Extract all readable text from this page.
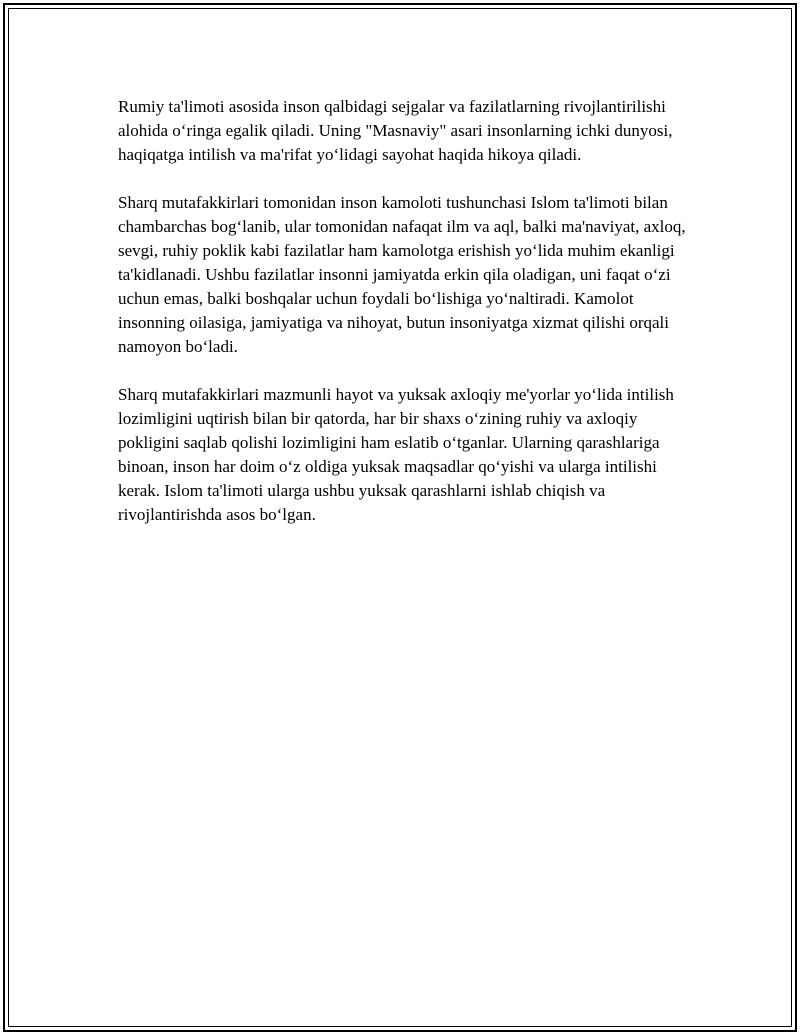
Rumiy ta'limoti asosida inson qalbidagi sejgalar va fazilatlarning rivojlantirilishi alohida o‘ringa egalik qiladi. Uning "Masnaviy" asari insonlarning ichki dunyosi, haqiqatga intilish va ma'rifat yo‘lidagi sayohat haqida hikoya qiladi.

Sharq mutafakkirlari tomonidan inson kamoloti tushunchasi Islom ta'limoti bilan chambarchas bog‘lanib, ular tomonidan nafaqat ilm va aql, balki ma'naviyat, axloq, sevgi, ruhiy poklik kabi fazilatlar ham kamolotga erishish yo‘lida muhim ekanligi ta'kidlanadi. Ushbu fazilatlar insonni jamiyatda erkin qila oladigan, uni faqat o‘zi uchun emas, balki boshqalar uchun foydali bo‘lishiga yo‘naltiradi. Kamolot insonning oilasiga, jamiyatiga va nihoyat, butun insoniyatga xizmat qilishi orqali namoyon bo‘ladi.

Sharq mutafakkirlari mazmunli hayot va yuksak axloqiy me'yorlar yo‘lida intilish lozimligini uqtirish bilan bir qatorda, har bir shaxs o‘zining ruhiy va axloqiy pokligini saqlab qolishi lozimligini ham eslatib o‘tganlar. Ularning qarashlariga binoan, inson har doim o‘z oldiga yuksak maqsadlar qo‘yishi va ularga intilishi kerak. Islom ta'limoti ularga ushbu yuksak qarashlarni ishlab chiqish va rivojlantirishda asos bo‘lgan.
